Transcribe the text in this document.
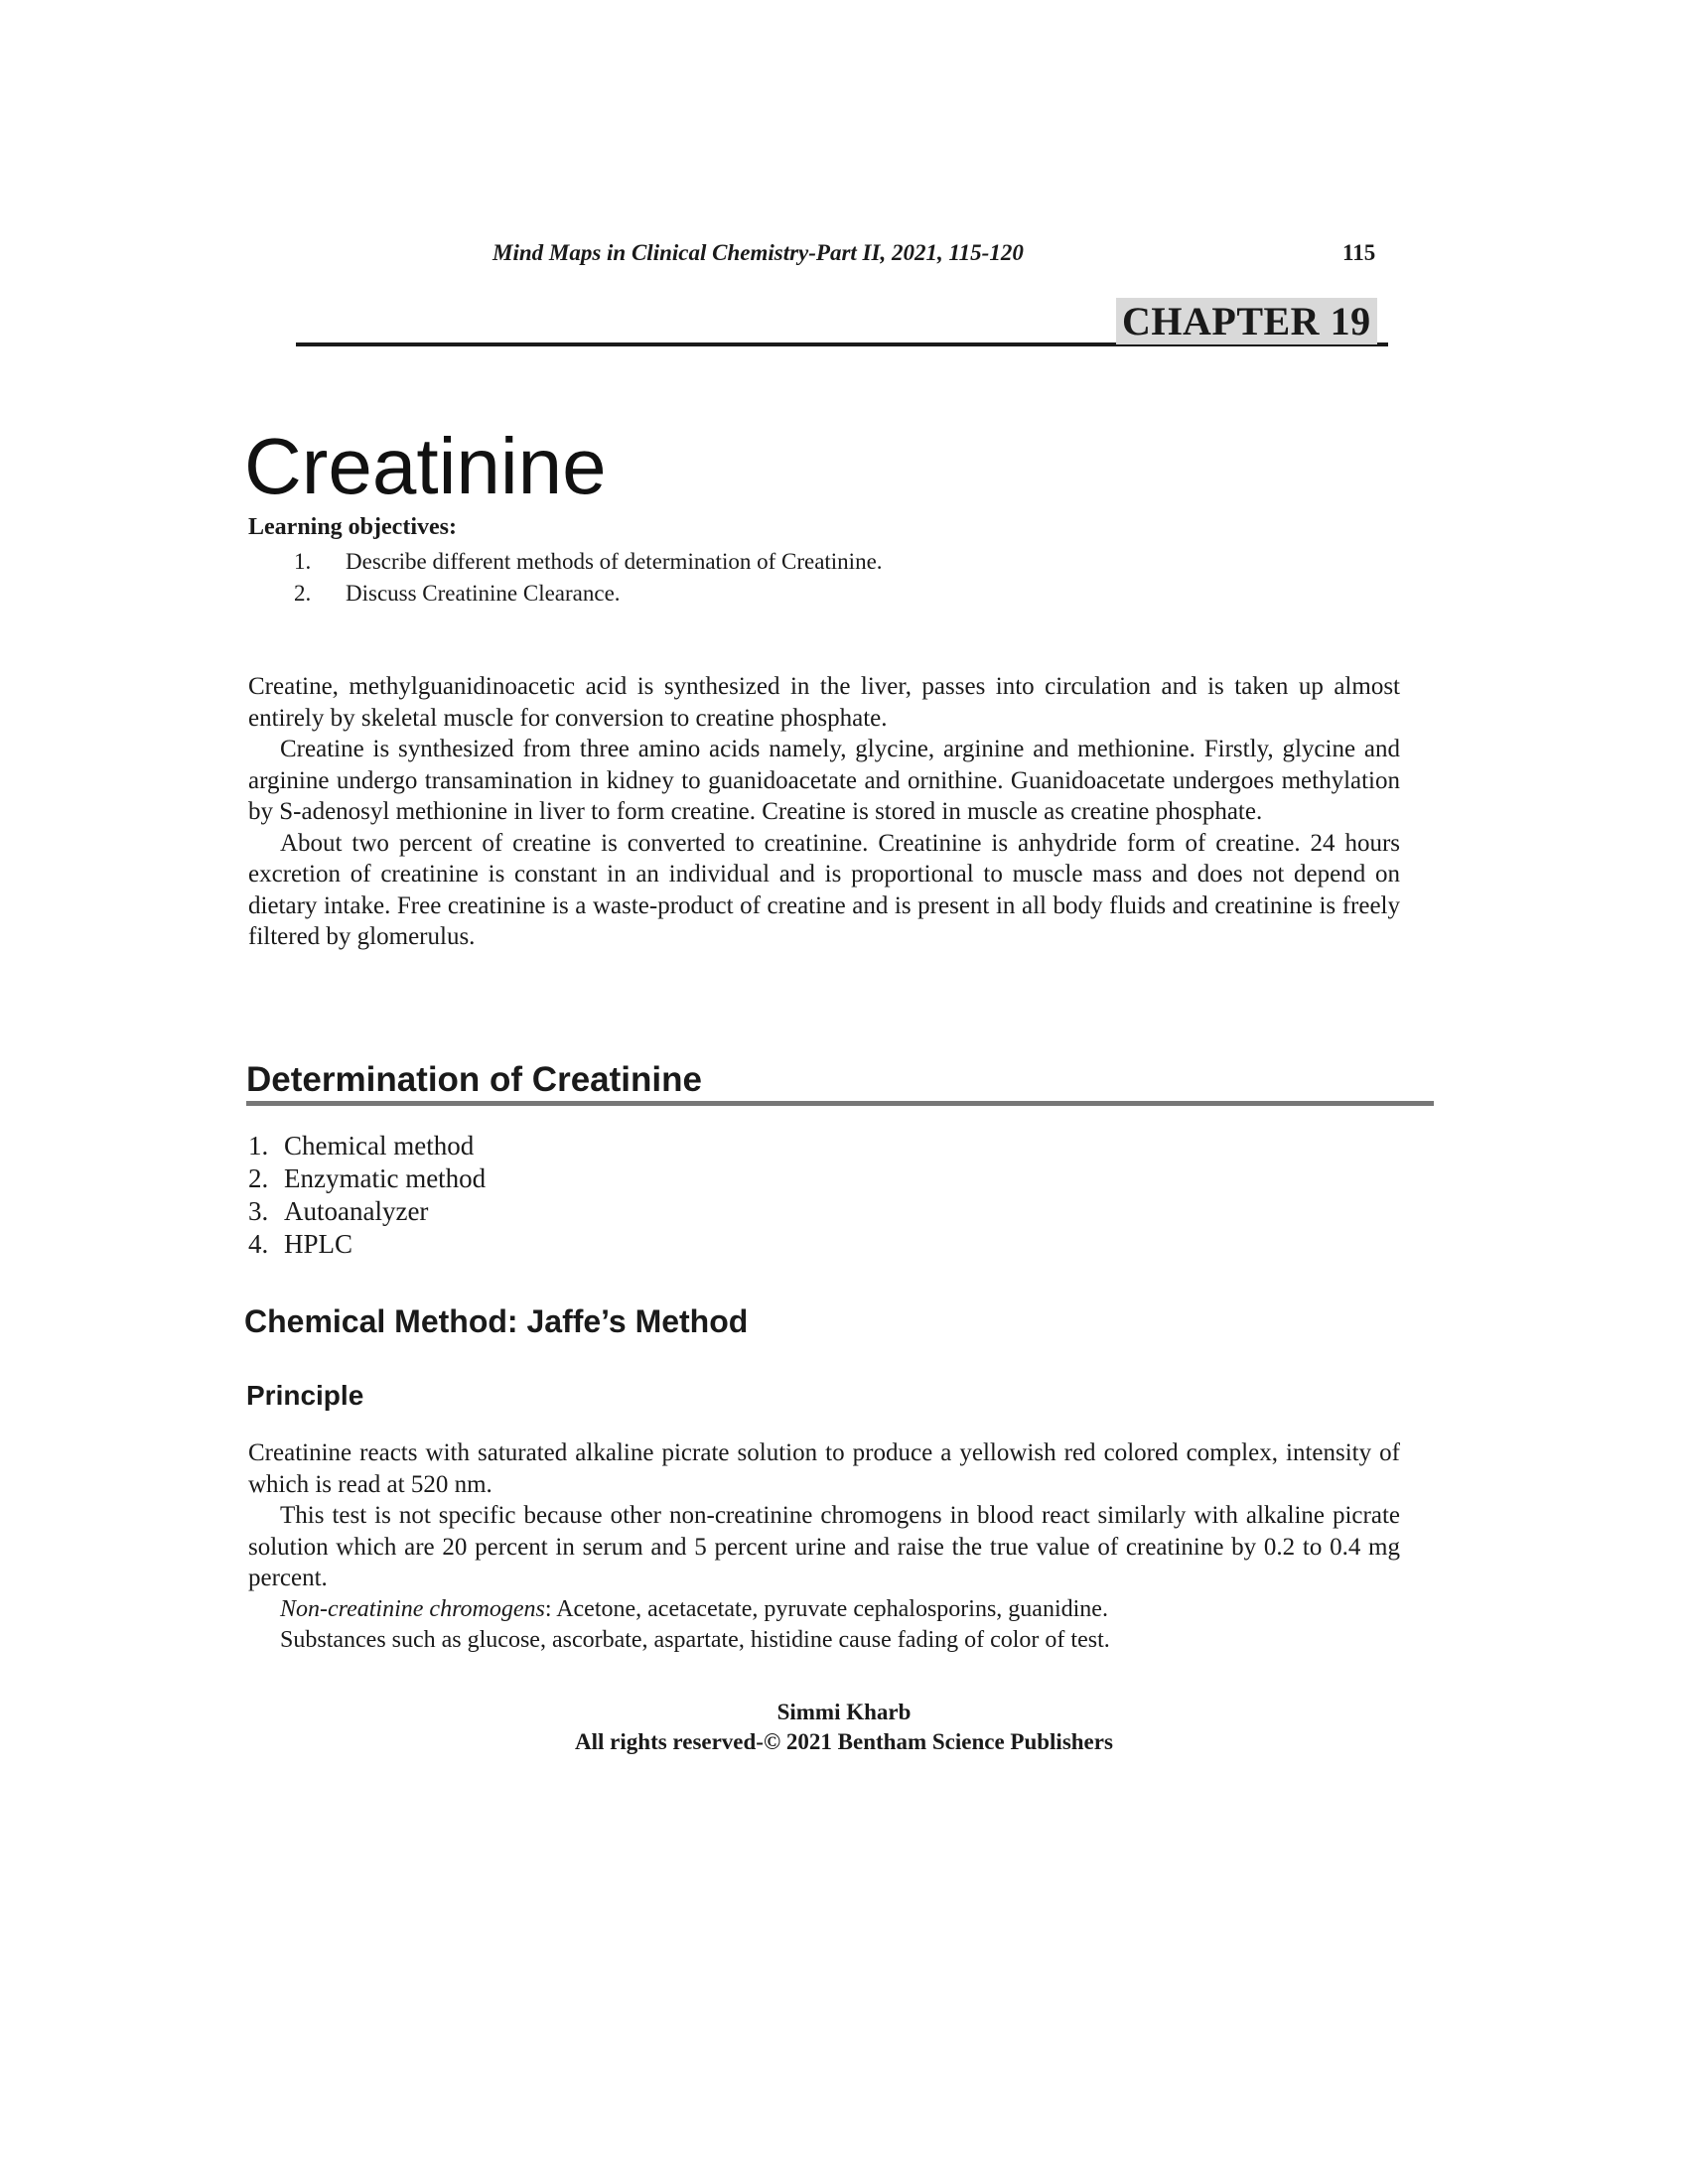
Mind Maps in Clinical Chemistry-Part II, 2021, 115-120	115
CHAPTER 19
Creatinine
Learning objectives:
1. Describe different methods of determination of Creatinine.
2. Discuss Creatinine Clearance.

Creatine, methylguanidinoacetic acid is synthesized in the liver, passes into circulation and is taken up almost entirely by skeletal muscle for conversion to creatine phosphate.

Creatine is synthesized from three amino acids namely, glycine, arginine and methionine. Firstly, glycine and arginine undergo transamination in kidney to guanidoacetate and ornithine. Guanidoacetate undergoes methylation by S-adenosyl methionine in liver to form creatine. Creatine is stored in muscle as creatine phosphate.

About two percent of creatine is converted to creatinine. Creatinine is anhydride form of creatine. 24 hours excretion of creatinine is constant in an individual and is proportional to muscle mass and does not depend on dietary intake. Free creatinine is a waste-product of creatine and is present in all body fluids and creatinine is freely filtered by glomerulus.

Determination of Creatinine
1. Chemical method
2. Enzymatic method
3. Autoanalyzer
4. HPLC
Chemical Method: Jaffe’s Method
Principle

Creatinine reacts with saturated alkaline picrate solution to produce a yellowish red colored complex, intensity of which is read at 520 nm.

This test is not specific because other non-creatinine chromogens in blood react similarly with alkaline picrate solution which are 20 percent in serum and 5 percent urine and raise the true value of creatinine by 0.2 to 0.4 mg percent.

Non-creatinine chromogens: Acetone, acetacetate, pyruvate cephalosporins, guanidine.

Substances such as glucose, ascorbate, aspartate, histidine cause fading of color of test.

Simmi Kharb
All rights reserved-© 2021 Bentham Science Publishers
